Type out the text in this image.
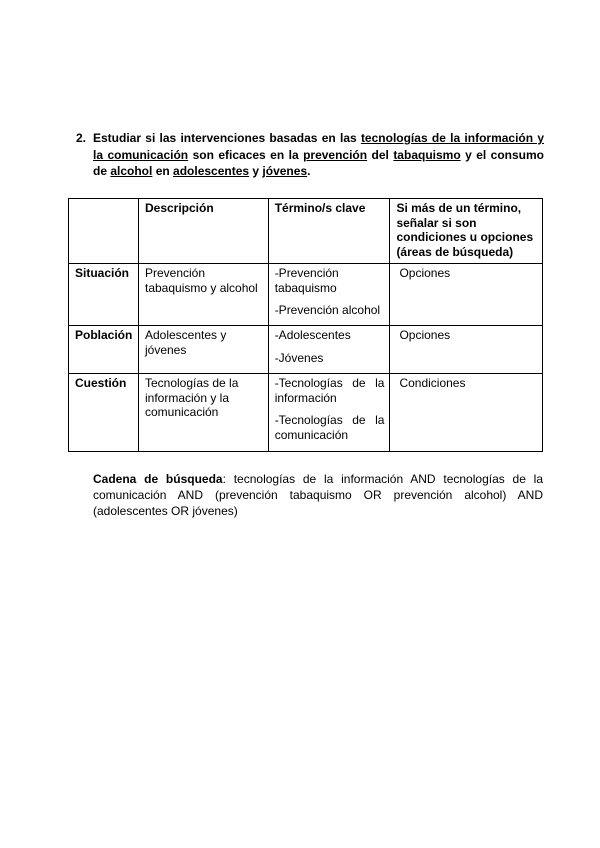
2. Estudiar si las intervenciones basadas en las tecnologías de la información y la comunicación son eficaces en la prevención del tabaquismo y el consumo de alcohol en adolescentes y jóvenes.
	Descripción	Término/s clave	Si más de un término, señalar si son condiciones u opciones (áreas de búsqueda)
Situación	Prevención tabaquismo y alcohol	-Prevención tabaquismo

-Prevención alcohol	Opciones
Población	Adolescentes y jóvenes	-Adolescentes

-Jóvenes	Opciones
Cuestión	Tecnologías de la información y la comunicación	-Tecnologías de la información

-Tecnologías de la comunicación	Condiciones
Cadena de búsqueda: tecnologías de la información AND tecnologías de la comunicación AND (prevención tabaquismo OR prevención alcohol) AND (adolescentes OR jóvenes)
